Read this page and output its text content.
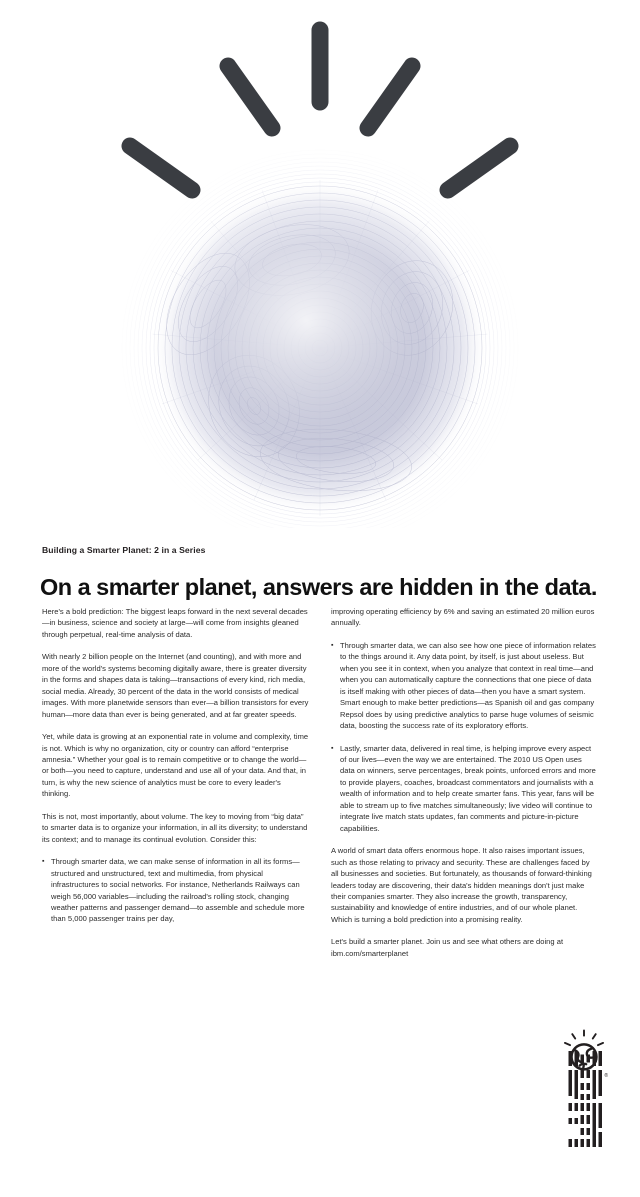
Building a Smarter Planet: 2 in a Series
On a smarter planet, answers are hidden in the data.

Here's a bold prediction: The biggest leaps forward in the next several decades—in business, science and society at large—will come from insights gleaned through perpetual, real-time analysis of data.

With nearly 2 billion people on the Internet (and counting), and with more and more of the world's systems becoming digitally aware, there is greater diversity in the forms and shapes data is taking—transactions of every kind, rich media, social media. Already, 30 percent of the data in the world consists of medical images. With more planetwide sensors than ever—a billion transistors for every human—more data than ever is being generated, and at far greater speeds.

Yet, while data is growing at an exponential rate in volume and complexity, time is not. Which is why no organization, city or country can afford “enterprise amnesia.” Whether your goal is to remain competitive or to change the world—or both—you need to capture, understand and use all of your data. And that, in turn, is why the new science of analytics must be core to every leader's thinking.

This is not, most importantly, about volume. The key to moving from “big data” to smarter data is to organize your information, in all its diversity; to understand its context; and to manage its continual evolution. Consider this:

▪ Through smarter data, we can make sense of information in all its forms—structured and unstructured, text and multimedia, from physical infrastructures to social networks. For instance, Netherlands Railways can weigh 56,000 variables—including the railroad's rolling stock, changing weather patterns and passenger demand—to assemble and schedule more than 5,000 passenger trains per day,

improving operating efficiency by 6% and saving an estimated 20 million euros annually.

▪ Through smarter data, we can also see how one piece of information relates to the things around it. Any data point, by itself, is just about useless. But when you see it in context, when you analyze that context in real time—and when you can automatically capture the connections that one piece of data is itself making with other pieces of data—then you have a smart system. Smart enough to make better predictions—as Spanish oil and gas company Repsol does by using predictive analytics to parse huge volumes of seismic data, boosting the success rate of its exploratory efforts.
▪ Lastly, smarter data, delivered in real time, is helping improve every aspect of our lives—even the way we are entertained. The 2010 US Open uses data on winners, serve percentages, break points, unforced errors and more to provide players, coaches, broadcast commentators and journalists with a wealth of information and to help create smarter fans. This year, fans will be able to stream up to five matches simultaneously; live video will continue to integrate live match stats updates, fan comments and picture-in-picture capabilities.

A world of smart data offers enormous hope. It also raises important issues, such as those relating to privacy and security. These are challenges faced by all businesses and societies. But fortunately, as thousands of forward-thinking leaders today are discovering, their data's hidden meanings don't just make their companies smarter. They also increase the growth, transparency, sustainability and knowledge of entire industries, and of our whole planet. Which is turning a bold prediction into a promising reality.

Let's build a smarter planet. Join us and see what others are doing at ibm.com/smarterplanet

®
